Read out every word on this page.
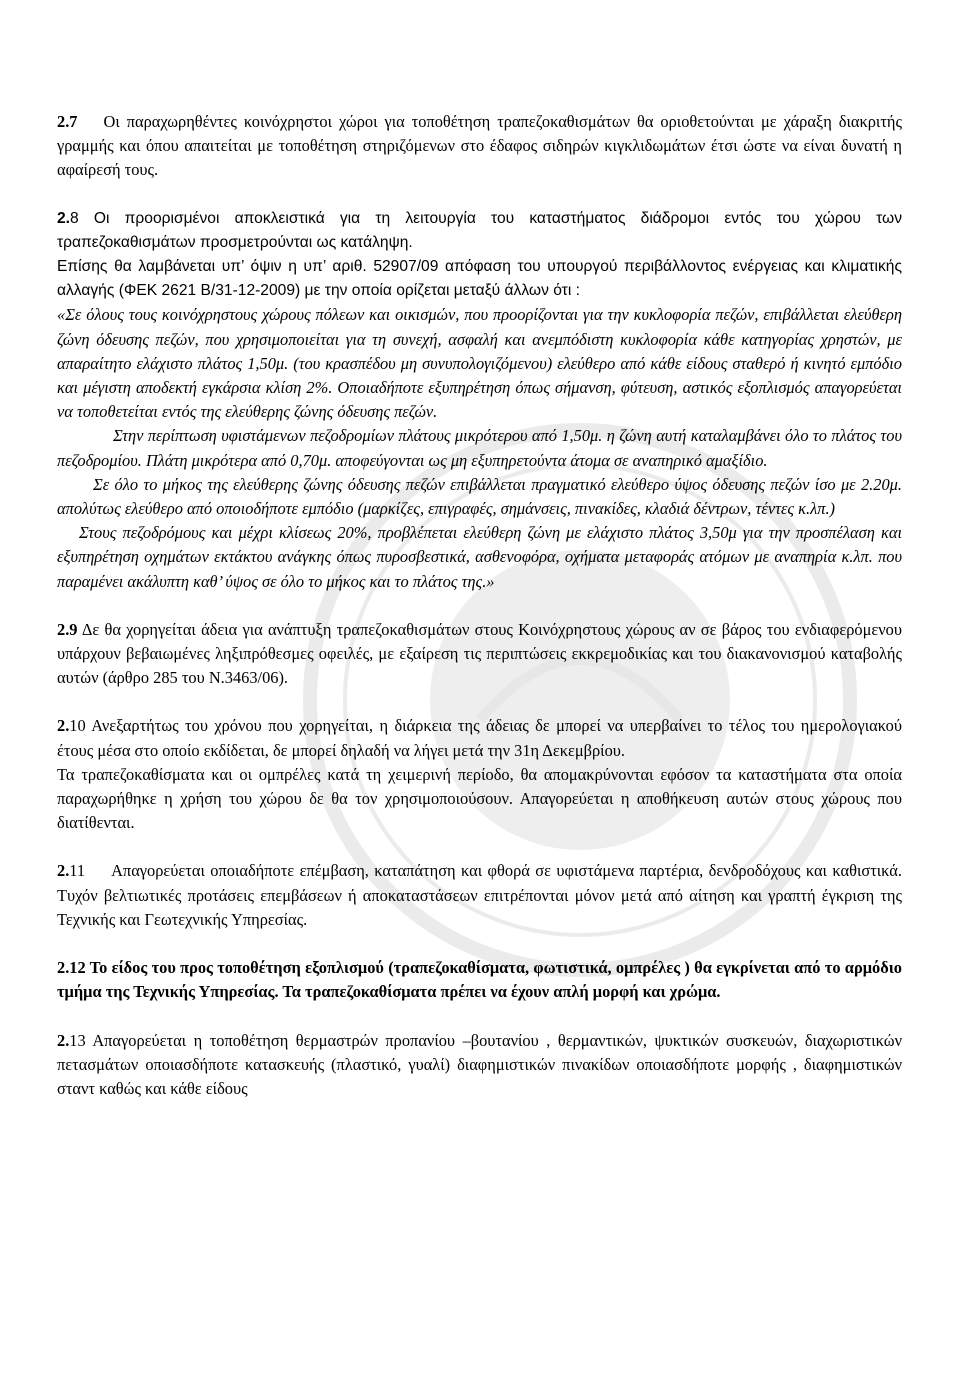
2.7 Οι παραχωρηθέντες κοινόχρηστοι χώροι για τοποθέτηση τραπεζοκαθισμάτων θα οριοθετούνται με χάραξη διακριτής γραμμής και όπου απαιτείται με τοποθέτηση στηριζόμενων στο έδαφος σιδηρών κιγκλιδωμάτων έτσι ώστε να είναι δυνατή η αφαίρεσή τους.

2.8 Οι προορισμένοι αποκλειστικά για τη λειτουργία του καταστήματος διάδρομοι εντός του χώρου των τραπεζοκαθισμάτων προσμετρούνται ως κατάληψη.

Επίσης θα λαμβάνεται υπ’ όψιν η υπ’ αριθ. 52907/09 απόφαση του υπουργού περιβάλλοντος ενέργειας και κλιματικής αλλαγής (ΦΕΚ 2621 Β/31-12-2009) με την οποία ορίζεται μεταξύ άλλων ότι :

«Σε όλους τους κοινόχρηστους χώρους πόλεων και οικισμών, που προορίζονται για την κυκλοφορία πεζών, επιβάλλεται ελεύθερη ζώνη όδευσης πεζών, που χρησιμοποιείται για τη συνεχή, ασφαλή και ανεμπόδιστη κυκλοφορία κάθε κατηγορίας χρηστών, με απαραίτητο ελάχιστο πλάτος 1,50μ. (του κρασπέδου μη συνυπολογιζόμενου) ελεύθερο από κάθε είδους σταθερό ή κινητό εμπόδιο και μέγιστη αποδεκτή εγκάρσια κλίση 2%. Οποιαδήποτε εξυπηρέτηση όπως σήμανση, φύτευση, αστικός εξοπλισμός απαγορεύεται να τοποθετείται εντός της ελεύθερης ζώνης όδευσης πεζών.

Στην περίπτωση υφιστάμενων πεζοδρομίων πλάτους μικρότερου από 1,50μ. η ζώνη αυτή καταλαμβάνει όλο το πλάτος του πεζοδρομίου. Πλάτη μικρότερα από 0,70μ. αποφεύγονται ως μη εξυπηρετούντα άτομα σε αναπηρικό αμαξίδιο.

Σε όλο το μήκος της ελεύθερης ζώνης όδευσης πεζών επιβάλλεται πραγματικό ελεύθερο ύψος όδευσης πεζών ίσο με 2.20μ. απολύτως ελεύθερο από οποιοδήποτε εμπόδιο (μαρκίζες, επιγραφές, σημάνσεις, πινακίδες, κλαδιά δέντρων, τέντες κ.λπ.)

Στους πεζοδρόμους και μέχρι κλίσεως 20%, προβλέπεται ελεύθερη ζώνη με ελάχιστο πλάτος 3,50μ για την προσπέλαση και εξυπηρέτηση οχημάτων εκτάκτου ανάγκης όπως πυροσβεστικά, ασθενοφόρα, οχήματα μεταφοράς ατόμων με αναπηρία κ.λπ. που παραμένει ακάλυπτη καθ’ ύψος σε όλο το μήκος και το πλάτος της.»

2.9 Δε θα χορηγείται άδεια για ανάπτυξη τραπεζοκαθισμάτων στους Κοινόχρηστους χώρους αν σε βάρος του ενδιαφερόμενου υπάρχουν βεβαιωμένες ληξιπρόθεσμες οφειλές, με εξαίρεση τις περιπτώσεις εκκρεμοδικίας και του διακανονισμού καταβολής αυτών (άρθρο 285 του Ν.3463/06).

2.10 Ανεξαρτήτως του χρόνου που χορηγείται, η διάρκεια της άδειας δε μπορεί να υπερβαίνει το τέλος του ημερολογιακού έτους μέσα στο οποίο εκδίδεται, δε μπορεί δηλαδή να λήγει μετά την 31η Δεκεμβρίου.

Τα τραπεζοκαθίσματα και οι ομπρέλες κατά τη χειμερινή περίοδο, θα απομακρύνονται εφόσον τα καταστήματα στα οποία παραχωρήθηκε η χρήση του χώρου δε θα τον χρησιμοποιούσουν. Απαγορεύεται η αποθήκευση αυτών στους χώρους που διατίθενται.

2.11 Απαγορεύεται οποιαδήποτε επέμβαση, καταπάτηση και φθορά σε υφιστάμενα παρτέρια, δενδροδόχους και καθιστικά. Τυχόν βελτιωτικές προτάσεις επεμβάσεων ή αποκαταστάσεων επιτρέπονται μόνον μετά από αίτηση και γραπτή έγκριση της Τεχνικής και Γεωτεχνικής Υπηρεσίας.

2.12 Το είδος του προς τοποθέτηση εξοπλισμού (τραπεζοκαθίσματα, φωτιστικά, ομπρέλες ) θα εγκρίνεται από το αρμόδιο τμήμα της Τεχνικής Υπηρεσίας. Τα τραπεζοκαθίσματα πρέπει να έχουν απλή μορφή και χρώμα.

2.13 Απαγορεύεται η τοποθέτηση θερμαστρών προπανίου –βουτανίου , θερμαντικών, ψυκτικών συσκευών, διαχωριστικών πετασμάτων οποιασδήποτε κατασκευής (πλαστικό, γυαλί) διαφημιστικών πινακίδων οποιασδήποτε μορφής , διαφημιστικών σταντ καθώς και κάθε είδους
